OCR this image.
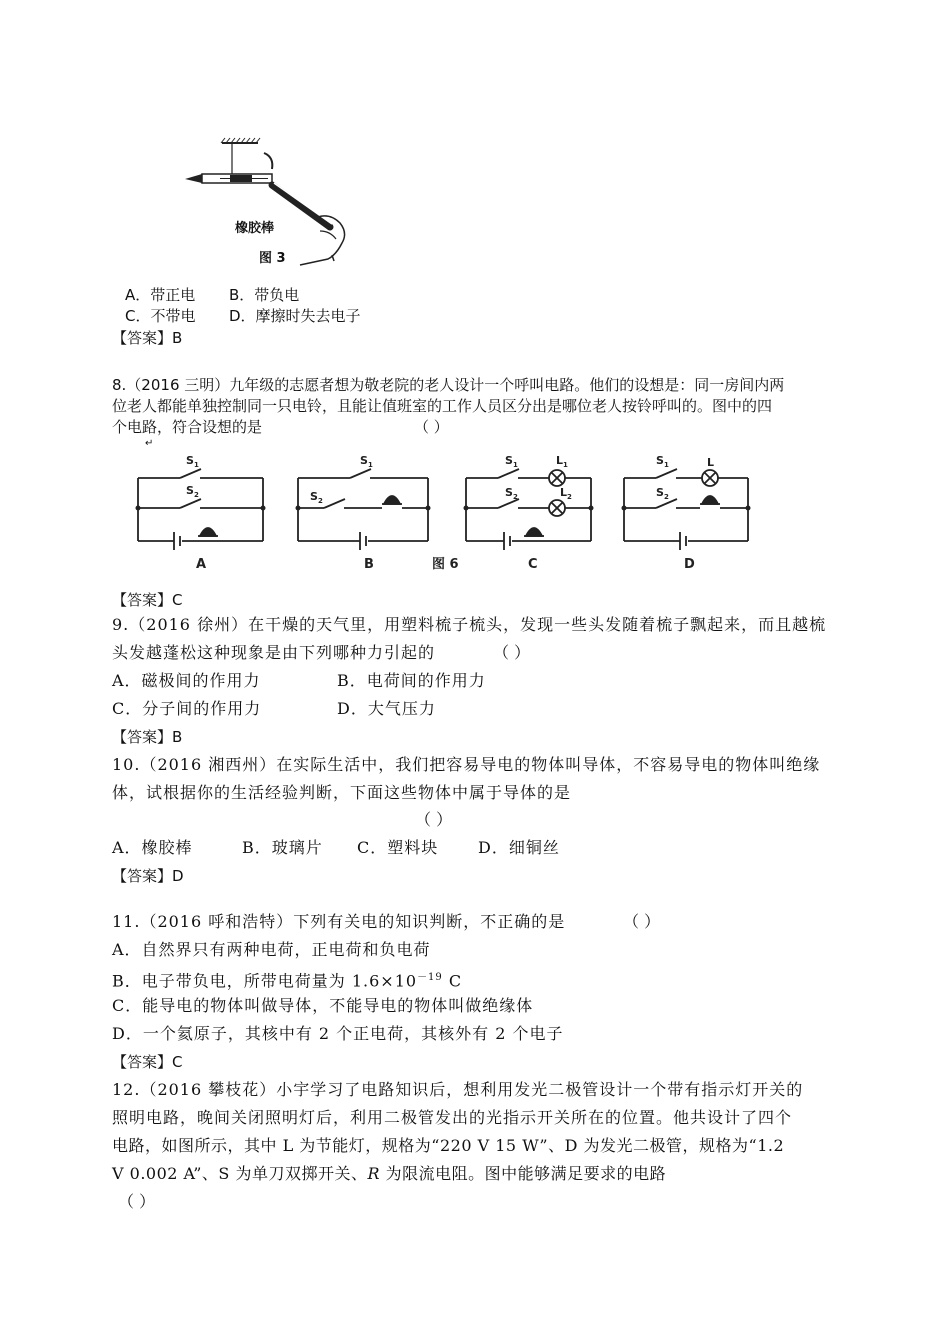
橡胶棒
图 3
A．带正电 B．带负电
C．不带电 D．摩擦时失去电子
【答案】B
8.（2016 三明）九年级的志愿者想为敬老院的老人设计一个呼叫电路。他们的设想是：同一房间内两
位老人都能单独控制同一只电铃，且能让值班室的工作人员区分出是哪位老人按铃呼叫的。图中的四
个电路，符合设想的是	（ ）
↵
$S_1$
$S_2$
$S_1$
$S_2$
$S_1$
$S_2$
$L_1$
$L_2$
$S_1$
$S_2$
L
A	B	C	D
图 6
【答案】C
9.（2016 徐州）在干燥的天气里，用塑料梳子梳头，发现一些头发随着梳子飘起来，而且越梳
头发越蓬松这种现象是由下列哪种力引起的	（ ）
A．磁极间的作用力	B．电荷间的作用力
C．分子间的作用力	D．大气压力
【答案】B
10.（2016 湘西州）在实际生活中，我们把容易导电的物体叫导体，不容易导电的物体叫绝缘
体，试根据你的生活经验判断，下面这些物体中属于导体的是
（ ）
A．橡胶棒	B．玻璃片 C．塑料块 D．细铜丝
【答案】D
11.（2016 呼和浩特）下列有关电的知识判断，不正确的是	（ ）
A．自然界只有两种电荷，正电荷和负电荷
B．电子带负电，所带电荷量为 $1.6\times 10^{-19}$ C
C．能导电的物体叫做导体，不能导电的物体叫做绝缘体
D．一个氦原子，其核中有 2 个正电荷，其核外有 2 个电子
【答案】C
12.（2016 攀枝花）小宇学习了电路知识后，想利用发光二极管设计一个带有指示灯开关的
照明电路，晚间关闭照明灯后，利用二极管发出的光指示开关所在的位置。他共设计了四个
电路，如图所示，其中 L 为节能灯，规格为“220 V 15 W”、D 为发光二极管，规格为“1.2
V 0.002 A”、S 为单刀双掷开关、R 为限流电阻。图中能够满足要求的电路
（ ）
